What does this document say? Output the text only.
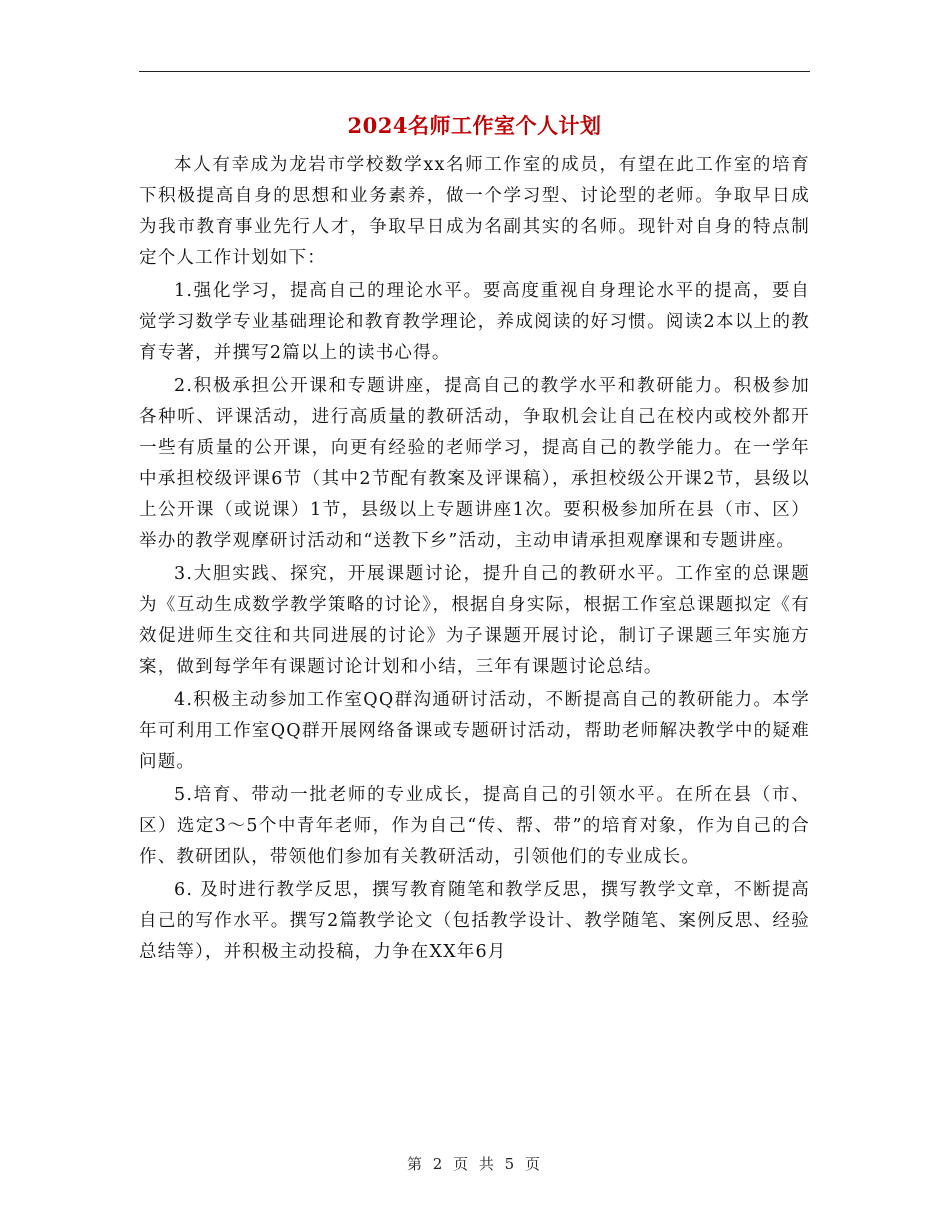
2024名师工作室个人计划

本人有幸成为龙岩市学校数学xx名师工作室的成员，有望在此工作室的培育下积极提高自身的思想和业务素养，做一个学习型、讨论型的老师。争取早日成为我市教育事业先行人才，争取早日成为名副其实的名师。现针对自身的特点制定个人工作计划如下：

1.强化学习，提高自己的理论水平。要高度重视自身理论水平的提高，要自觉学习数学专业基础理论和教育教学理论，养成阅读的好习惯。阅读2本以上的教育专著，并撰写2篇以上的读书心得。

2.积极承担公开课和专题讲座，提高自己的教学水平和教研能力。积极参加各种听、评课活动，进行高质量的教研活动，争取机会让自己在校内或校外都开一些有质量的公开课，向更有经验的老师学习，提高自己的教学能力。在一学年中承担校级评课6节（其中2节配有教案及评课稿），承担校级公开课2节，县级以上公开课（或说课）1节，县级以上专题讲座1次。要积极参加所在县（市、区）举办的教学观摩研讨活动和“送教下乡”活动，主动申请承担观摩课和专题讲座。

3.大胆实践、探究，开展课题讨论，提升自己的教研水平。工作室的总课题为《互动生成数学教学策略的讨论》，根据自身实际，根据工作室总课题拟定《有效促进师生交往和共同进展的讨论》为子课题开展讨论，制订子课题三年实施方案，做到每学年有课题讨论计划和小结，三年有课题讨论总结。

4.积极主动参加工作室QQ群沟通研讨活动，不断提高自己的教研能力。本学年可利用工作室QQ群开展网络备课或专题研讨活动，帮助老师解决教学中的疑难问题。

5.培育、带动一批老师的专业成长，提高自己的引领水平。在所在县（市、区）选定3～5个中青年老师，作为自己“传、帮、带”的培育对象，作为自己的合作、教研团队，带领他们参加有关教研活动，引领他们的专业成长。

6. 及时进行教学反思，撰写教育随笔和教学反思，撰写教学文章，不断提高自己的写作水平。撰写2篇教学论文（包括教学设计、教学随笔、案例反思、经验总结等），并积极主动投稿，力争在XX年6月

第 2 页 共 5 页
